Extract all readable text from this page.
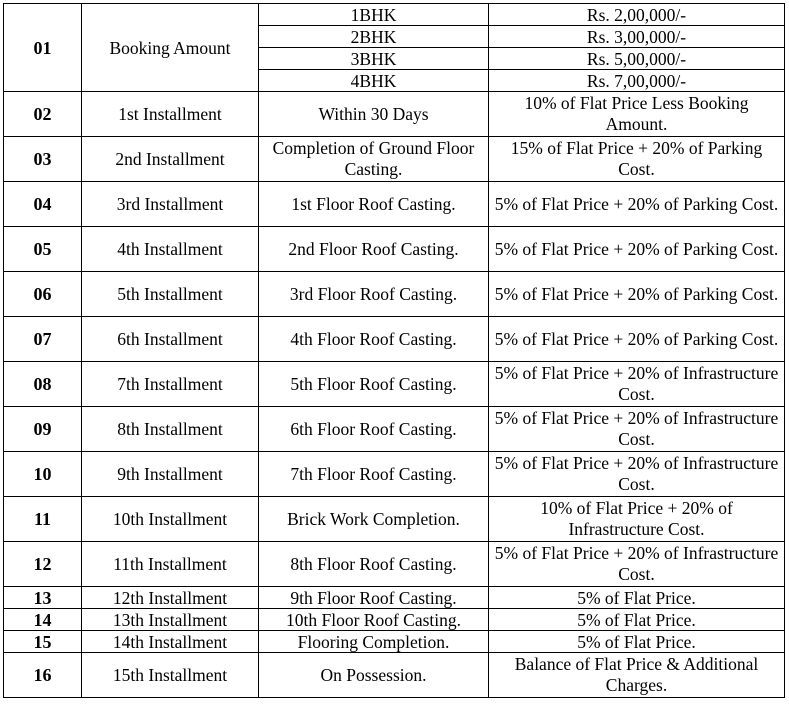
01	Booking Amount	1BHK	Rs. 2,00,000/-
		2BHK	Rs. 3,00,000/-
		3BHK	Rs. 5,00,000/-
		4BHK	Rs. 7,00,000/-
02	1st Installment	Within 30 Days	10% of Flat Price Less Booking Amount.
03	2nd Installment	Completion of Ground Floor Casting.	15% of Flat Price + 20% of Parking Cost.
04	3rd Installment	1st Floor Roof Casting.	5% of Flat Price + 20% of Parking Cost.
05	4th Installment	2nd Floor Roof Casting.	5% of Flat Price + 20% of Parking Cost.
06	5th Installment	3rd Floor Roof Casting.	5% of Flat Price + 20% of Parking Cost.
07	6th Installment	4th Floor Roof Casting.	5% of Flat Price + 20% of Parking Cost.
08	7th Installment	5th Floor Roof Casting.	5% of Flat Price + 20% of Infrastructure Cost.
09	8th Installment	6th Floor Roof Casting.	5% of Flat Price + 20% of Infrastructure Cost.
10	9th Installment	7th Floor Roof Casting.	5% of Flat Price + 20% of Infrastructure Cost.
11	10th Installment	Brick Work Completion.	10% of Flat Price + 20% of Infrastructure Cost.
12	11th Installment	8th Floor Roof Casting.	5% of Flat Price + 20% of Infrastructure Cost.
13	12th Installment	9th Floor Roof Casting.	5% of Flat Price.
14	13th Installment	10th Floor Roof Casting.	5% of Flat Price.
15	14th Installment	Flooring Completion.	5% of Flat Price.
16	15th Installment	On Possession.	Balance of Flat Price & Additional Charges.
